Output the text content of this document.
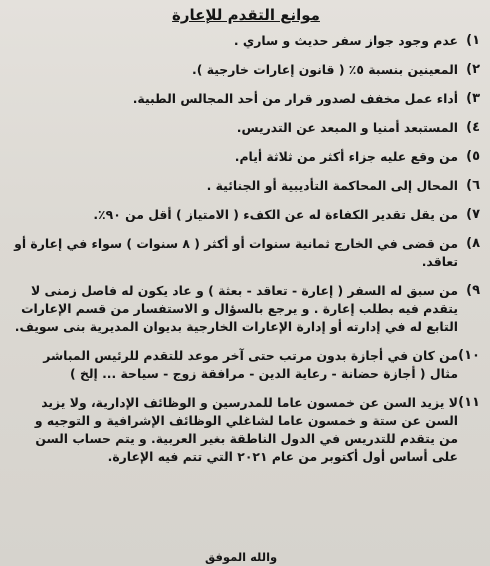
موانع التقدم للإعارة
١)
عدم وجود جواز سفر حديث و ساري .
٢)
المعينين بنسبة ٥٪ ( قانون إعارات خارجية ).
٣)
أداء عمل مخفف لصدور قرار من أحد المجالس الطبية.
٤)
المستبعد أمنيا و المبعد عن التدريس.
٥)
من وقع عليه جزاء أكثر من ثلاثة أيام.
٦)
المحال إلى المحاكمة التأديبية أو الجنائية .
٧)
من يقل تقدير الكفاءة له عن الكفء ( الامتياز ) أقل من ٩٠٪.
٨)
من قضى في الخارج ثمانية سنوات أو أكثر ( ٨ سنوات ) سواء في إعارة أو تعاقد.
٩)
من سبق له السفر ( إعارة - تعاقد - بعثة ) و عاد يكون له فاصل زمنى لا يتقدم فيه بطلب إعارة . و يرجع بالسؤال و الاستفسار من قسم الإعارات التابع له في إدارته أو إدارة الإعارات الخارجية بديوان المديرية بنى سويف.
١٠)
من كان في أجازة بدون مرتب حتى آخر موعد للتقدم للرئيس المباشر مثال ( أجازة حضانة - رعاية الدين - مرافقة زوج - سياحة ... إلخ )
١١)
لا يزيد السن عن خمسون عاما للمدرسين و الوظائف الإدارية، ولا يزيد السن عن ستة و خمسون عاما لشاغلي الوظائف الإشرافية و التوجيه و من يتقدم للتدريس في الدول الناطقة بغير العربية. و يتم حساب السن على أساس أول أكتوبر من عام ٢٠٢١ التي تتم فيه الإعارة.
والله الموفق
